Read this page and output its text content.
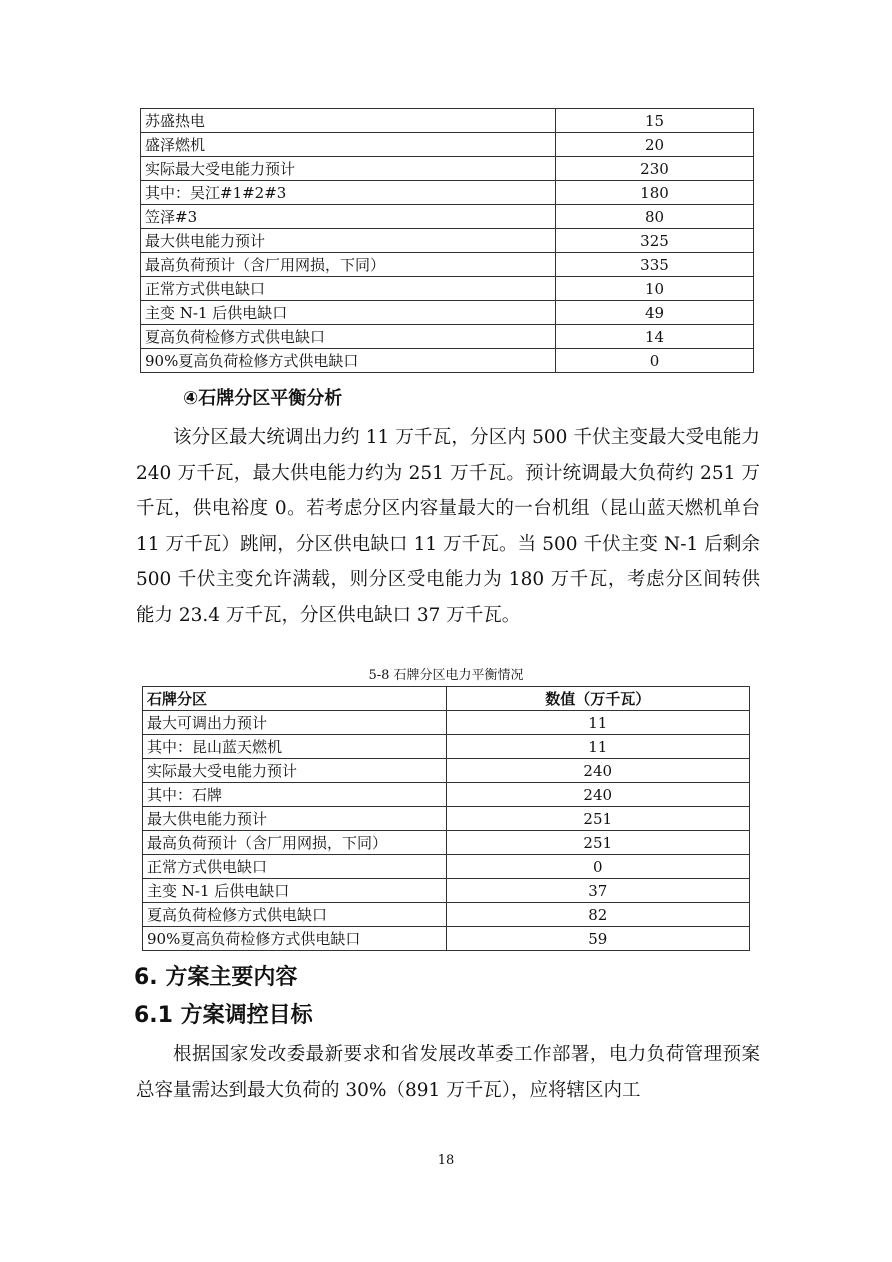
苏盛热电	15
盛泽燃机	20
实际最大受电能力预计	230
其中：吴江#1#2#3	180
笠泽#3	80
最大供电能力预计	325
最高负荷预计（含厂用网损，下同）	335
正常方式供电缺口	10
主变 N-1 后供电缺口	49
夏高负荷检修方式供电缺口	14
90%夏高负荷检修方式供电缺口	0
④石牌分区平衡分析

该分区最大统调出力约 11 万千瓦，分区内 500 千伏主变最大受电能力 240 万千瓦，最大供电能力约为 251 万千瓦。预计统调最大负荷约 251 万千瓦，供电裕度 0。若考虑分区内容量最大的一台机组（昆山蓝天燃机单台 11 万千瓦）跳闸，分区供电缺口 11 万千瓦。当 500 千伏主变 N-1 后剩余 500 千伏主变允许满载，则分区受电能力为 180 万千瓦，考虑分区间转供能力 23.4 万千瓦，分区供电缺口 37 万千瓦。

5-8 石牌分区电力平衡情况
石牌分区	数值（万千瓦）
最大可调出力预计	11
其中：昆山蓝天燃机	11
实际最大受电能力预计	240
其中：石牌	240
最大供电能力预计	251
最高负荷预计（含厂用网损，下同）	251
正常方式供电缺口	0
主变 N-1 后供电缺口	37
夏高负荷检修方式供电缺口	82
90%夏高负荷检修方式供电缺口	59
6. 方案主要内容
6.1 方案调控目标

根据国家发改委最新要求和省发展改革委工作部署，电力负荷管理预案总容量需达到最大负荷的 30%（891 万千瓦），应将辖区内工

18
